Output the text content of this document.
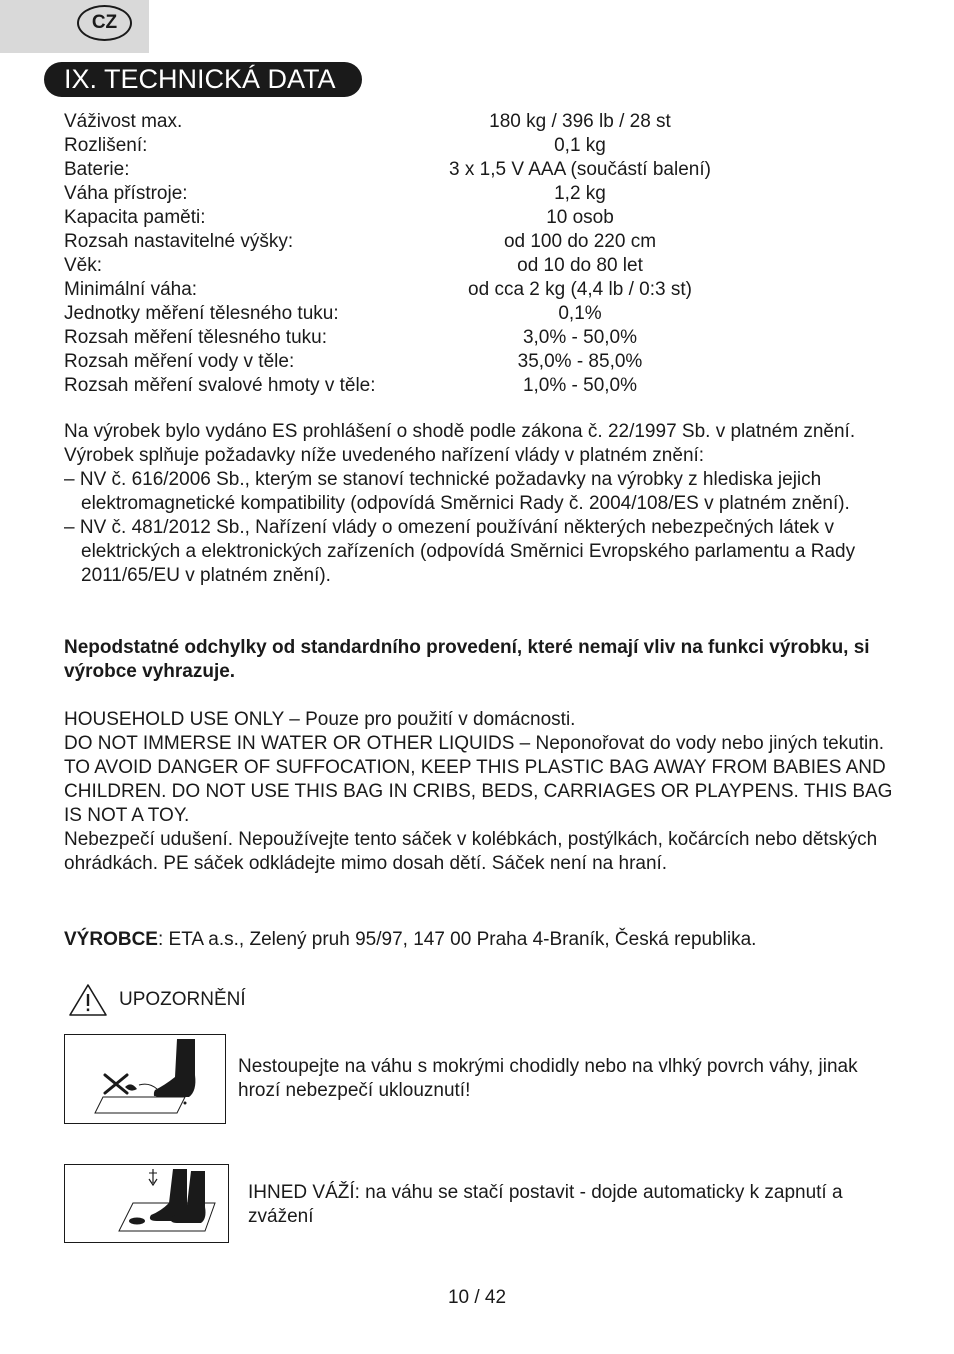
CZ
IX. TECHNICKÁ DATA
Váživost max.	180 kg / 396 lb / 28 st
Rozlišení:	0,1 kg
Baterie:	3 x 1,5 V AAA (součástí balení)
Váha přístroje:	1,2 kg
Kapacita paměti:	10 osob
Rozsah nastavitelné výšky:	od 100 do 220 cm
Věk:	od 10 do 80 let
Minimální váha:	od cca 2 kg (4,4 lb / 0:3 st)
Jednotky měření tělesného tuku:	0,1%
Rozsah měření tělesného tuku:	3,0% - 50,0%
Rozsah měření vody v těle:	35,0% - 85,0%
Rozsah měření svalové hmoty v těle:	1,0% - 50,0%

Na výrobek bylo vydáno ES prohlášení o shodě podle zákona č. 22/1997 Sb. v platném znění. Výrobek splňuje požadavky níže uvedeného nařízení vlády v platném znění:

– NV č. 616/2006 Sb., kterým se stanoví technické požadavky na výrobky z hlediska jejich elektromagnetické kompatibility (odpovídá Směrnici Rady č. 2004/108/ES v platném znění).

– NV č. 481/2012 Sb., Nařízení vlády o omezení používání některých nebezpečných látek v elektrických a elektronických zařízeních (odpovídá Směrnici Evropského parlamentu a Rady 2011/65/EU v platném znění).

Nepodstatné odchylky od standardního provedení, které nemají vliv na funkci výrobku, si výrobce vyhrazuje.

HOUSEHOLD USE ONLY – Pouze pro použití v domácnosti.

DO NOT IMMERSE IN WATER OR OTHER LIQUIDS – Neponořovat do vody nebo jiných tekutin.

TO AVOID DANGER OF SUFFOCATION, KEEP THIS PLASTIC BAG AWAY FROM BABIES AND CHILDREN. DO NOT USE THIS BAG IN CRIBS, BEDS, CARRIAGES OR PLAYPENS. THIS BAG IS NOT A TOY.

Nebezpečí udušení. Nepoužívejte tento sáček v kolébkách, postýlkách, kočárcích nebo dětských ohrádkách. PE sáček odkládejte mimo dosah dětí. Sáček není na hraní.

VÝROBCE: ETA a.s., Zelený pruh 95/97, 147 00 Praha 4-Braník, Česká republika.
UPOZORNĚNÍ
Nestoupejte na váhu s mokrými chodidly nebo na vlhký povrch váhy, jinak hrozí nebezpečí uklouznutí!
IHNED VÁŽÍ: na váhu se stačí postavit - dojde automaticky k zapnutí a zvážení
10 / 42
